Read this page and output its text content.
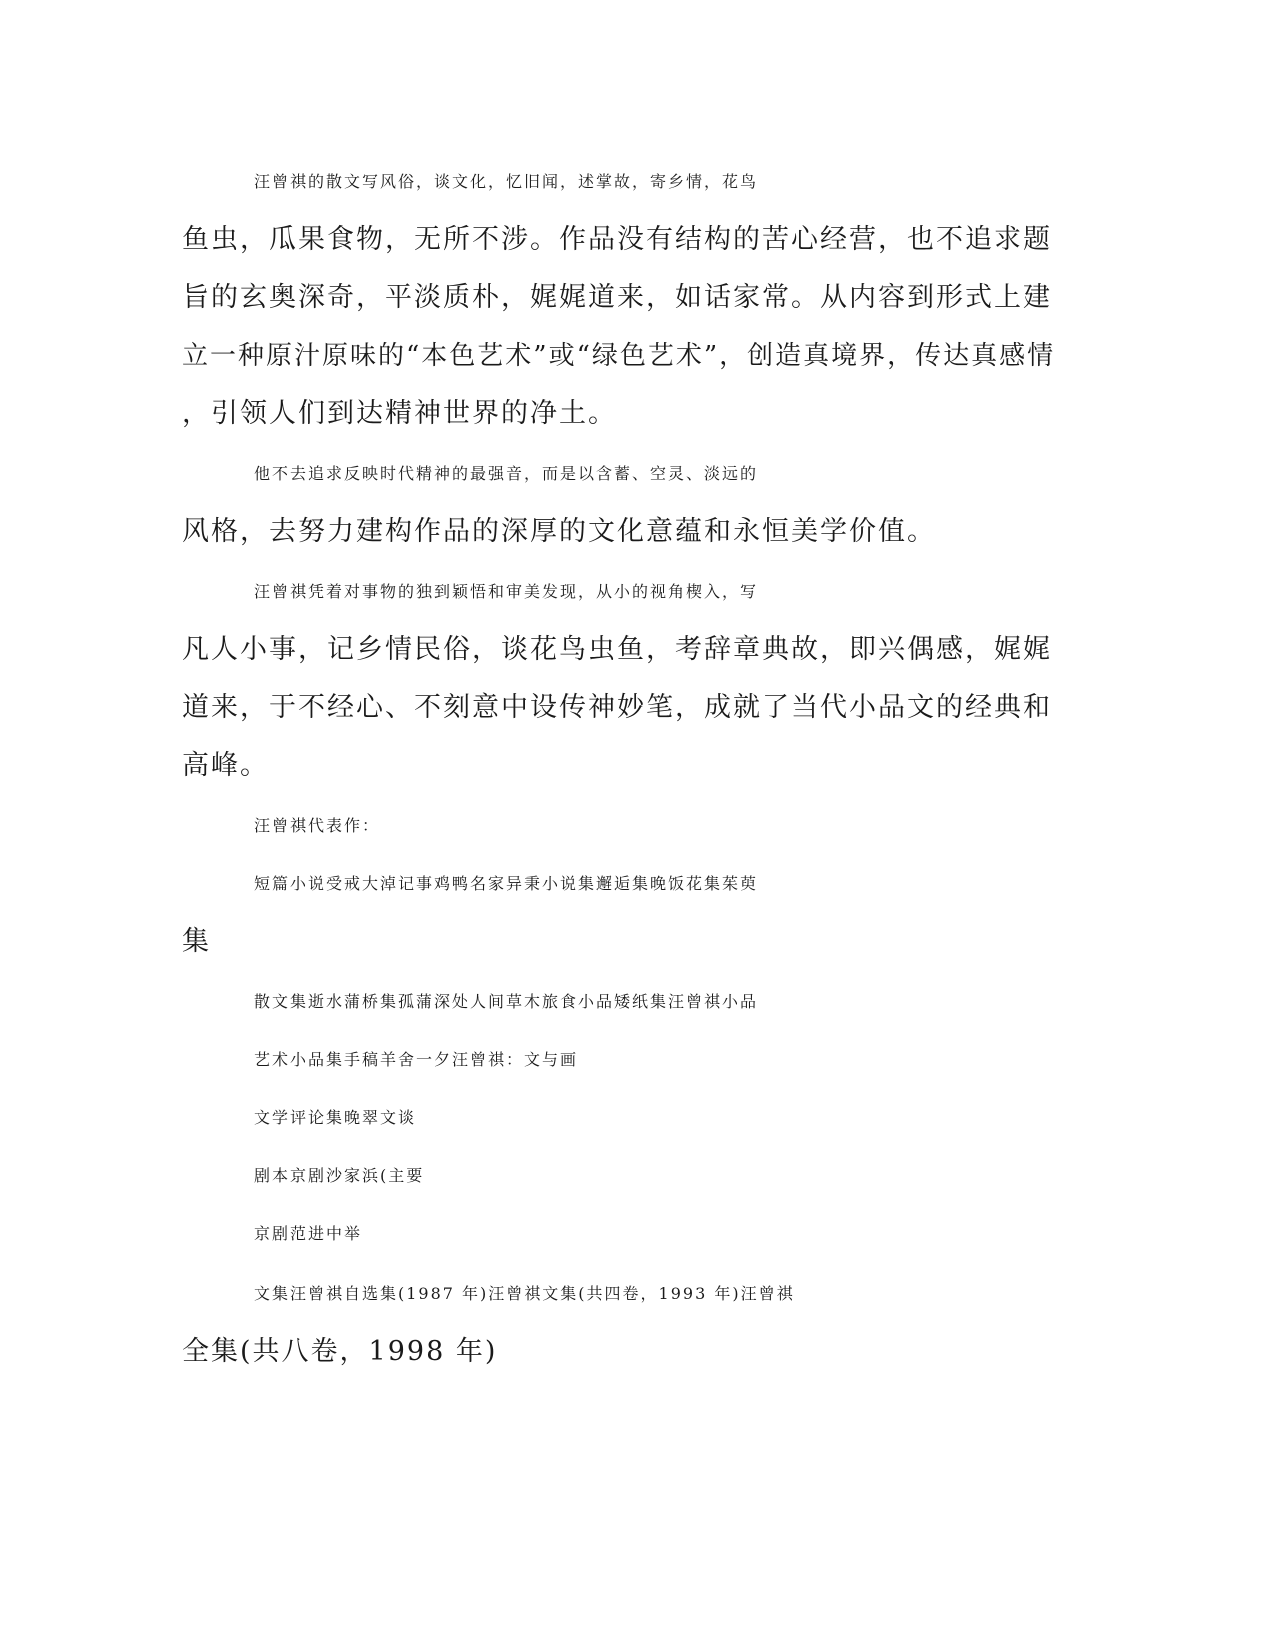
汪曾祺的散文写风俗，谈文化，忆旧闻，述掌故，寄乡情，花鸟
鱼虫，瓜果食物，无所不涉。作品没有结构的苦心经营，也不追求题
旨的玄奥深奇，平淡质朴，娓娓道来，如话家常。从内容到形式上建
立一种原汁原味的“本色艺术”或“绿色艺术”，创造真境界，传达真感情
，引领人们到达精神世界的净土。
他不去追求反映时代精神的最强音，而是以含蓄、空灵、淡远的
风格，去努力建构作品的深厚的文化意蕴和永恒美学价值。
汪曾祺凭着对事物的独到颖悟和审美发现，从小的视角楔入，写
凡人小事，记乡情民俗，谈花鸟虫鱼，考辞章典故，即兴偶感，娓娓
道来，于不经心、不刻意中设传神妙笔，成就了当代小品文的经典和
高峰。
汪曾祺代表作：
短篇小说受戒大淖记事鸡鸭名家异秉小说集邂逅集晚饭花集茱萸
集
散文集逝水蒲桥集孤蒲深处人间草木旅食小品矮纸集汪曾祺小品
艺术小品集手稿羊舍一夕汪曾祺：文与画
文学评论集晚翠文谈
剧本京剧沙家浜(主要
京剧范进中举
文集汪曾祺自选集(1987 年)汪曾祺文集(共四卷，1993 年)汪曾祺
全集(共八卷，1998 年)
